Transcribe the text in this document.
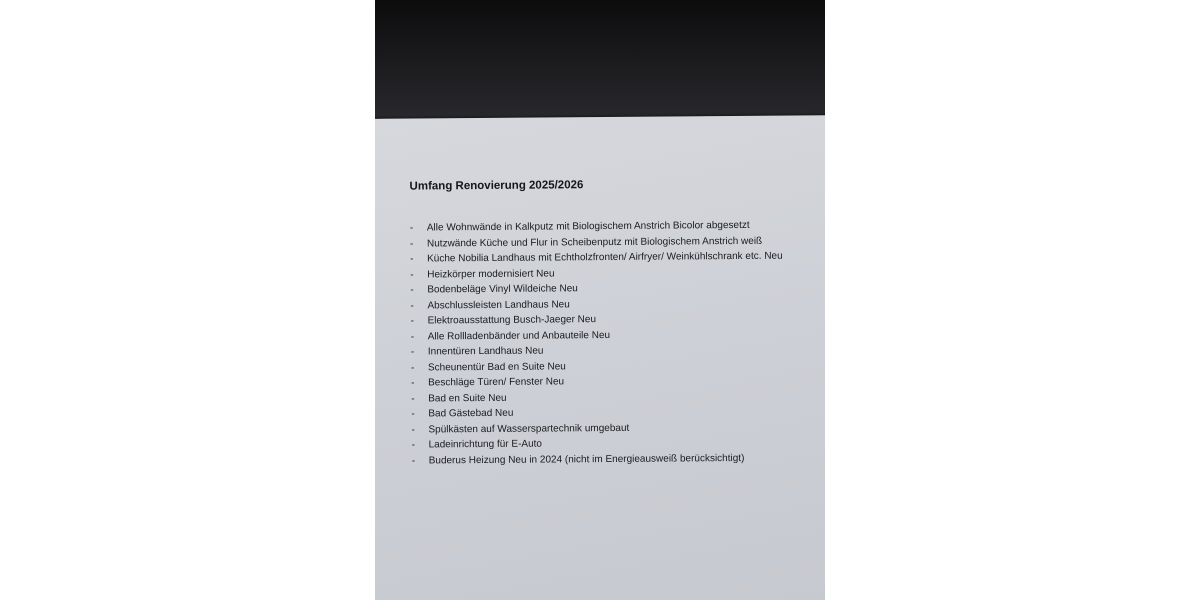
Umfang Renovierung 2025/2026
-	Alle Wohnwände in Kalkputz mit Biologischem Anstrich Bicolor abgesetzt
-	Nutzwände Küche und Flur in Scheibenputz mit Biologischem Anstrich weiß
-	Küche Nobilia Landhaus mit Echtholzfronten/ Airfryer/ Weinkühlschrank etc. Neu
-	Heizkörper modernisiert Neu
-	Bodenbeläge Vinyl Wildeiche Neu
-	Abschlussleisten Landhaus Neu
-	Elektroausstattung Busch-Jaeger Neu
-	Alle Rollladenbänder und Anbauteile Neu
-	Innentüren Landhaus Neu
-	Scheunentür Bad en Suite Neu
-	Beschläge Türen/ Fenster Neu
-	Bad en Suite Neu
-	Bad Gästebad Neu
-	Spülkästen auf Wasserspartechnik umgebaut
-	Ladeinrichtung für E-Auto
-	Buderus Heizung Neu in 2024 (nicht im Energieausweiß berücksichtigt)
